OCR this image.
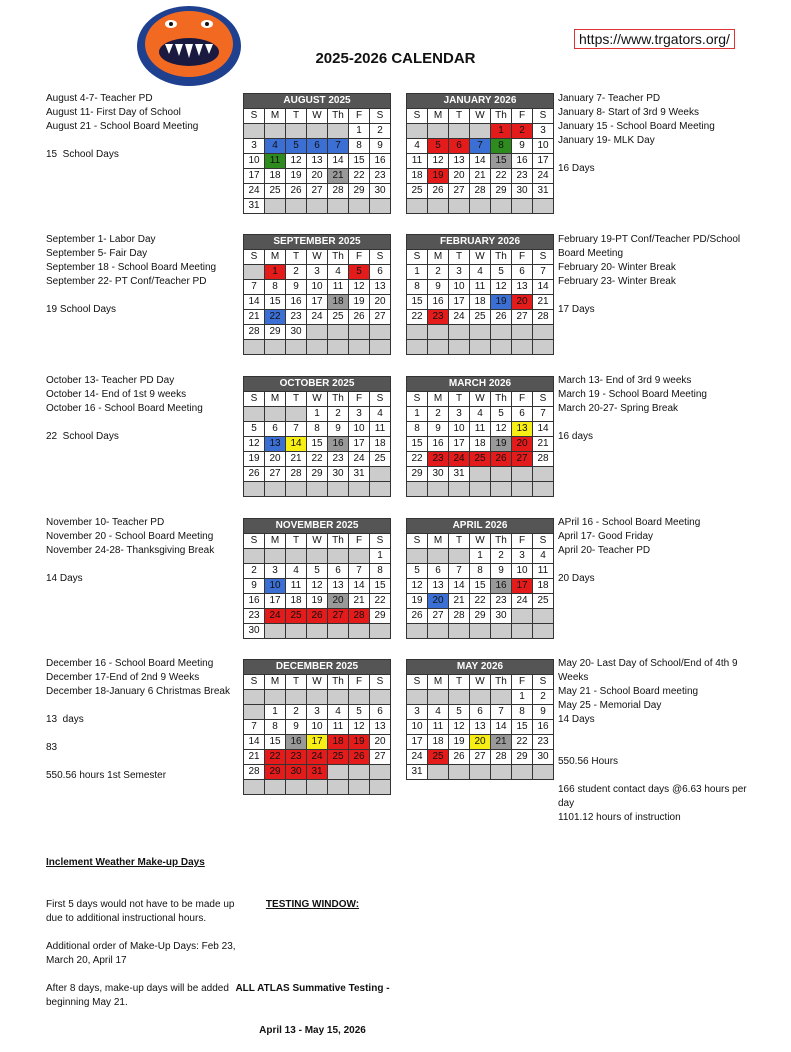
https://www.trgators.org/
2025-2026 CALENDAR
August 4-7- Teacher PD
August 11- First Day of School
August 21 - School Board Meeting
15  School Days
September 1- Labor Day
September 5- Fair Day
September 18 - School Board Meeting
September 22- PT Conf/Teacher PD
19 School Days
October 13- Teacher PD Day
October 14- End of 1st 9 weeks
October 16 - School Board Meeting
22  School Days
November 10- Teacher PD
November 20 - School Board Meeting
November 24-28- Thanksgiving Break
14 Days
December 16 - School Board Meeting
December 17-End of 2nd 9 Weeks
December 18-January 6 Christmas Break
13  days
83
550.56 hours 1st Semester
January 7- Teacher PD
January 8- Start of 3rd 9 Weeks
January 15 - School Board Meeting
January 19- MLK Day
16 Days
February 19-PT Conf/Teacher PD/School Board Meeting
February 20- Winter Break
February 23- Winter Break
17 Days
March 13- End of 3rd 9 weeks
March 19 - School Board Meeting
March 20-27- Spring Break
16 days
APril 16 - School Board Meeting
April 17- Good Friday
April 20- Teacher PD
20 Days
May 20- Last Day of School/End of 4th 9 Weeks
May 21 - School Board meeting
May 25 - Memorial Day
14 Days
550.56 Hours
166 student contact days @6.63 hours per day
1101.12 hours of instruction
AUGUST 2025						
S	M	T	W	Th	F	S
					1	2
3	4	5	6	7	8	9
10	11	12	13	14	15	16
17	18	19	20	21	22	23
24	25	26	27	28	29	30
31						
JANUARY 2026						
S	M	T	W	Th	F	S
				1	2	3
4	5	6	7	8	9	10
11	12	13	14	15	16	17
18	19	20	21	22	23	24
25	26	27	28	29	30	31

SEPTEMBER 2025						
S	M	T	W	Th	F	S
	1	2	3	4	5	6
7	8	9	10	11	12	13
14	15	16	17	18	19	20
21	22	23	24	25	26	27
28	29	30				

FEBRUARY 2026						
S	M	T	W	Th	F	S
1	2	3	4	5	6	7
8	9	10	11	12	13	14
15	16	17	18	19	20	21
22	23	24	25	26	27	28

OCTOBER 2025						
S	M	T	W	Th	F	S
			1	2	3	4
5	6	7	8	9	10	11
12	13	14	15	16	17	18
19	20	21	22	23	24	25
26	27	28	29	30	31	

MARCH 2026						
S	M	T	W	Th	F	S
1	2	3	4	5	6	7
8	9	10	11	12	13	14
15	16	17	18	19	20	21
22	23	24	25	26	27	28
29	30	31				

NOVEMBER 2025						
S	M	T	W	Th	F	S
						1
2	3	4	5	6	7	8
9	10	11	12	13	14	15
16	17	18	19	20	21	22
23	24	25	26	27	28	29
30						
APRIL 2026						
S	M	T	W	Th	F	S
			1	2	3	4
5	6	7	8	9	10	11
12	13	14	15	16	17	18
19	20	21	22	23	24	25
26	27	28	29	30		

DECEMBER 2025						
S	M	T	W	Th	F	S

	1	2	3	4	5	6
7	8	9	10	11	12	13
14	15	16	17	18	19	20
21	22	23	24	25	26	27
28	29	30	31			

MAY 2026						
S	M	T	W	Th	F	S
					1	2
3	4	5	6	7	8	9
10	11	12	13	14	15	16
17	18	19	20	21	22	23
24	25	26	27	28	29	30
31						

Inclement Weather Make-up Days

First 5 days would not have to be made up due to additional instructional hours.
Additional order of Make-Up Days: Feb 23, March 20, April 17
After 8 days, make-up days will be added beginning May 21.

TESTING WINDOW:

ALL ATLAS Summative Testing -

April 13 - May 15, 2026
